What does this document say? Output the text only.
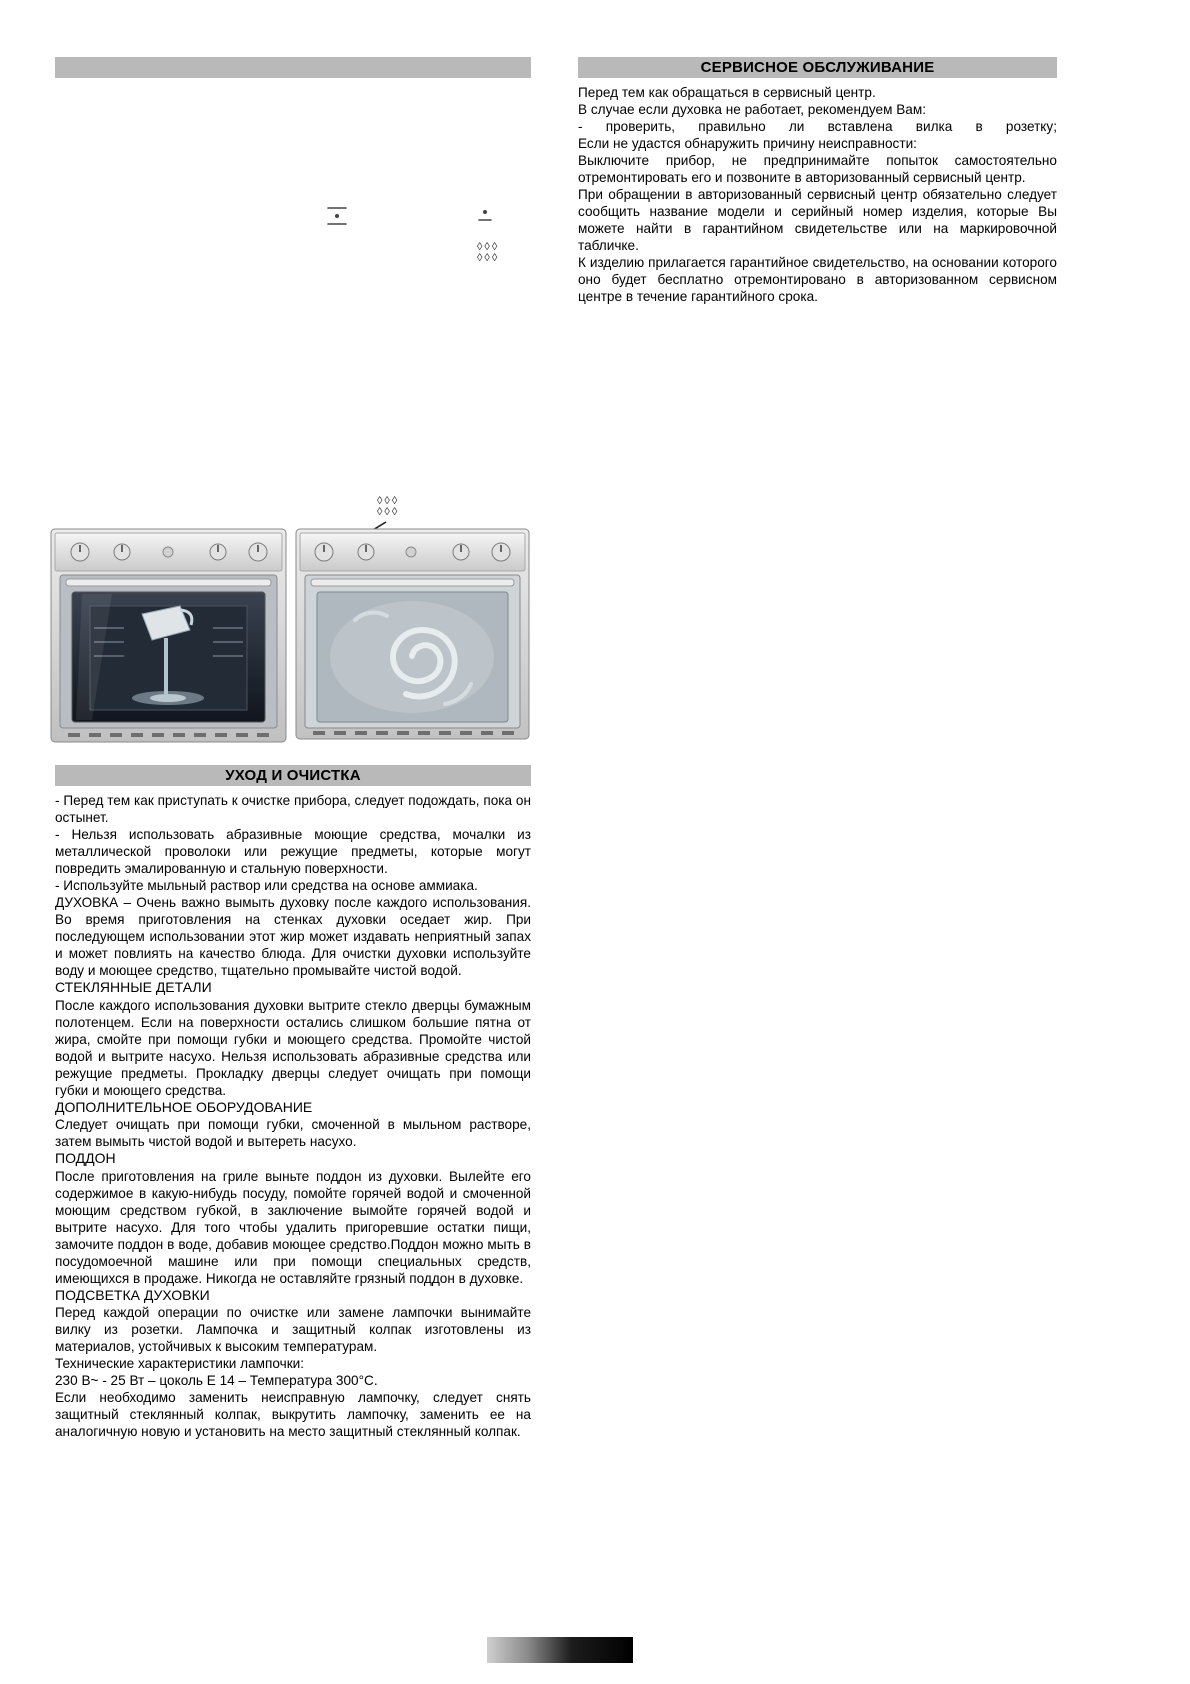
СЕРВИСНОЕ ОБСЛУЖИВАНИЕ

Перед тем как обращаться в сервисный центр.

В случае если духовка не работает, рекомендуем Вам:

- проверить, правильно ли вставлена вилка в розетку;

Если не удастся обнаружить причину неисправности:

Выключите прибор, не предпринимайте попыток самостоятельно отремонтировать его и позвоните в авторизованный сервисный центр.

При обращении в авторизованный сервисный центр обязательно следует сообщить название модели и серийный номер изделия, которые Вы можете найти в гарантийном свидетельстве или на маркировочной табличке.

К изделию прилагается гарантийное свидетельство, на основании которого оно будет бесплатно отремонтировано в авторизованном сервисном центре в течение гарантийного срока.

◊◊◊
◊◊◊
◊◊◊
◊◊◊
УХОД И ОЧИСТКА

- Перед тем как приступать к очистке прибора, следует подождать, пока он остынет.

- Нельзя использовать абразивные моющие средства, мочалки из металлической проволоки или режущие предметы, которые могут повредить эмалированную и стальную поверхности.

- Используйте мыльный раствор или средства на основе аммиака.

ДУХОВКА – Очень важно вымыть духовку после каждого использования. Во время приготовления на стенках духовки оседает жир. При последующем использовании этот жир может издавать неприятный запах и может повлиять на качество блюда. Для очистки духовки используйте воду и моющее средство, тщательно промывайте чистой водой.

СТЕКЛЯННЫЕ ДЕТАЛИ

После каждого использования духовки вытрите стекло дверцы бумажным полотенцем. Если на поверхности остались слишком большие пятна от жира, смойте при помощи губки и моющего средства. Промойте чистой водой и вытрите насухо. Нельзя использовать абразивные средства или режущие предметы. Прокладку дверцы следует очищать при помощи губки и моющего средства.

ДОПОЛНИТЕЛЬНОЕ ОБОРУДОВАНИЕ

Следует очищать при помощи губки, смоченной в мыльном растворе, затем вымыть чистой водой и вытереть насухо.

ПОДДОН

После приготовления на гриле выньте поддон из духовки. Вылейте его содержимое в какую-нибудь посуду, помойте горячей водой и смоченной моющим средством губкой, в заключение вымойте горячей водой и вытрите насухо. Для того чтобы удалить пригоревшие остатки пищи, замочите поддон в воде, добавив моющее средство.Поддон можно мыть в посудомоечной машине или при помощи специальных средств, имеющихся в продаже. Никогда не оставляйте грязный поддон в духовке.

ПОДСВЕТКА ДУХОВКИ

Перед каждой операции по очистке или замене лампочки вынимайте вилку из розетки. Лампочка и защитный колпак изготовлены из материалов, устойчивых к высоким температурам.

Технические характеристики лампочки:

230 В~ - 25 Вт – цоколь Е 14 – Температура 300°С.

Если необходимо заменить неисправную лампочку, следует снять защитный стеклянный колпак, выкрутить лампочку, заменить ее на аналогичную новую и установить на место защитный стеклянный колпак.
